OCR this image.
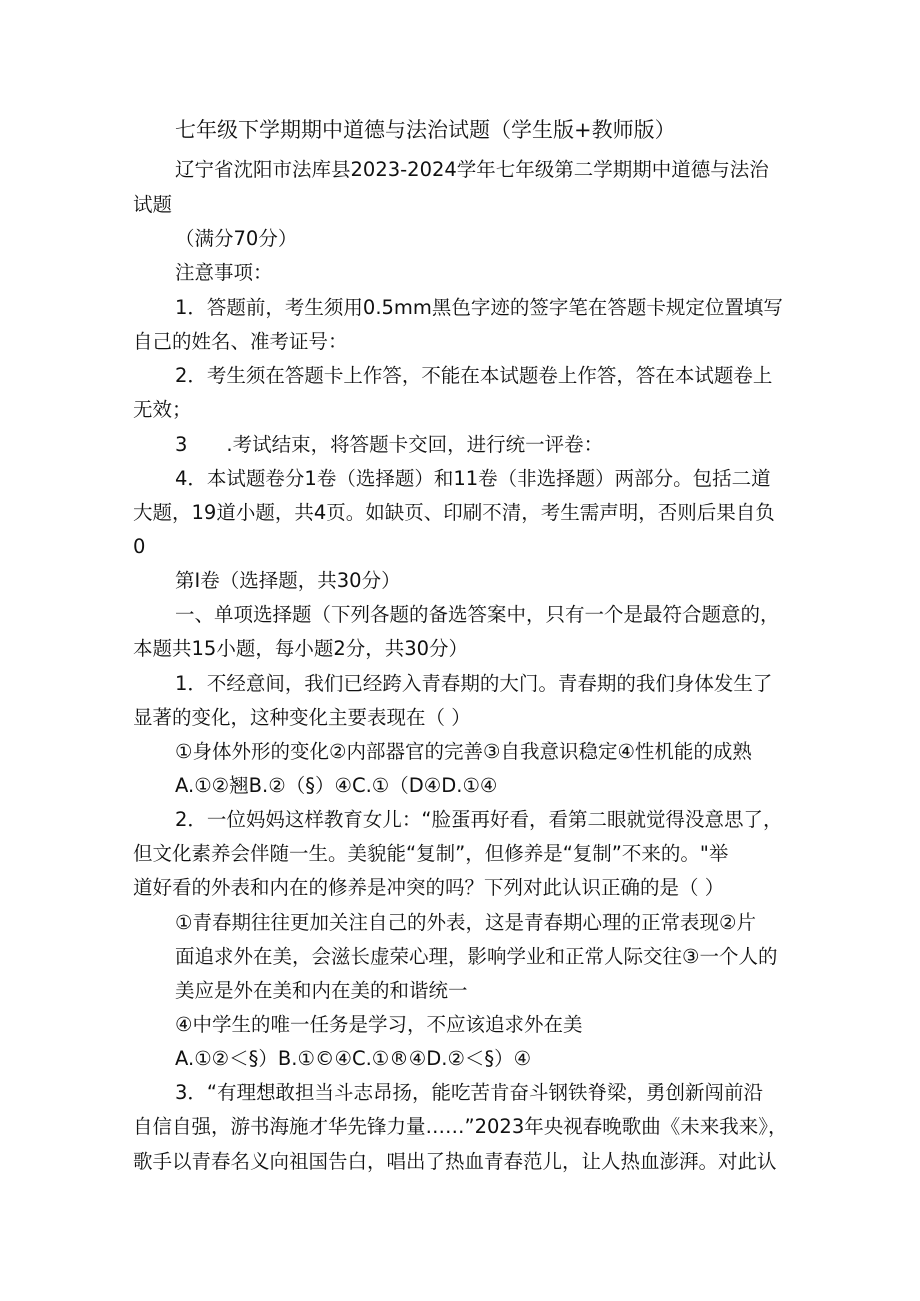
七年级下学期期中道德与法治试题（学生版+教师版）

辽宁省沈阳市法库县2023-2024学年七年级第二学期期中道德与法治

试题

（满分70分）

注意事项：

1．答题前，考生须用0.5mm黑色字迹的签字笔在答题卡规定位置填写

自己的姓名、准考证号：

2．考生须在答题卡上作答，不能在本试题卷上作答，答在本试题卷上

无效；

3　　.考试结束，将答题卡交回，进行统一评卷：

4．本试题卷分1卷（选择题）和11卷（非选择题）两部分。包括二道

大题，19道小题，共4页。如缺页、印刷不清，考生需声明，否则后果自负

0

第I卷（选择题，共30分）

一、单项选择题（下列各题的备选答案中，只有一个是最符合题意的，

本题共15小题，每小题2分，共30分）

1．不经意间，我们已经跨入青春期的大门。青春期的我们身体发生了

显著的变化，这种变化主要表现在（ ）

①身体外形的变化②内部器官的完善③自我意识稳定④性机能的成熟

A.①②翘B.②（§）④C.①（D④D.①④

2．一位妈妈这样教育女儿：“脸蛋再好看，看第二眼就觉得没意思了，

但文化素养会伴随一生。美貌能“复制”，但修养是“复制”不来的。"举

道好看的外表和内在的修养是冲突的吗？下列对此认识正确的是（ ）

①青春期往往更加关注自己的外表，这是青春期心理的正常表现②片

面追求外在美，会滋长虚荣心理，影响学业和正常人际交往③一个人的

美应是外在美和内在美的和谐统一

④中学生的唯一任务是学习，不应该追求外在美

A.①②＜§）B.①©④C.①®④D.②＜§）④

3．“有理想敢担当斗志昂扬，能吃苦肯奋斗钢铁脊梁，勇创新闯前沿

自信自强，游书海施才华先锋力量……”2023年央视春晚歌曲《未来我来》，

歌手以青春名义向祖国告白，唱出了热血青春范儿，让人热血澎湃。对此认
